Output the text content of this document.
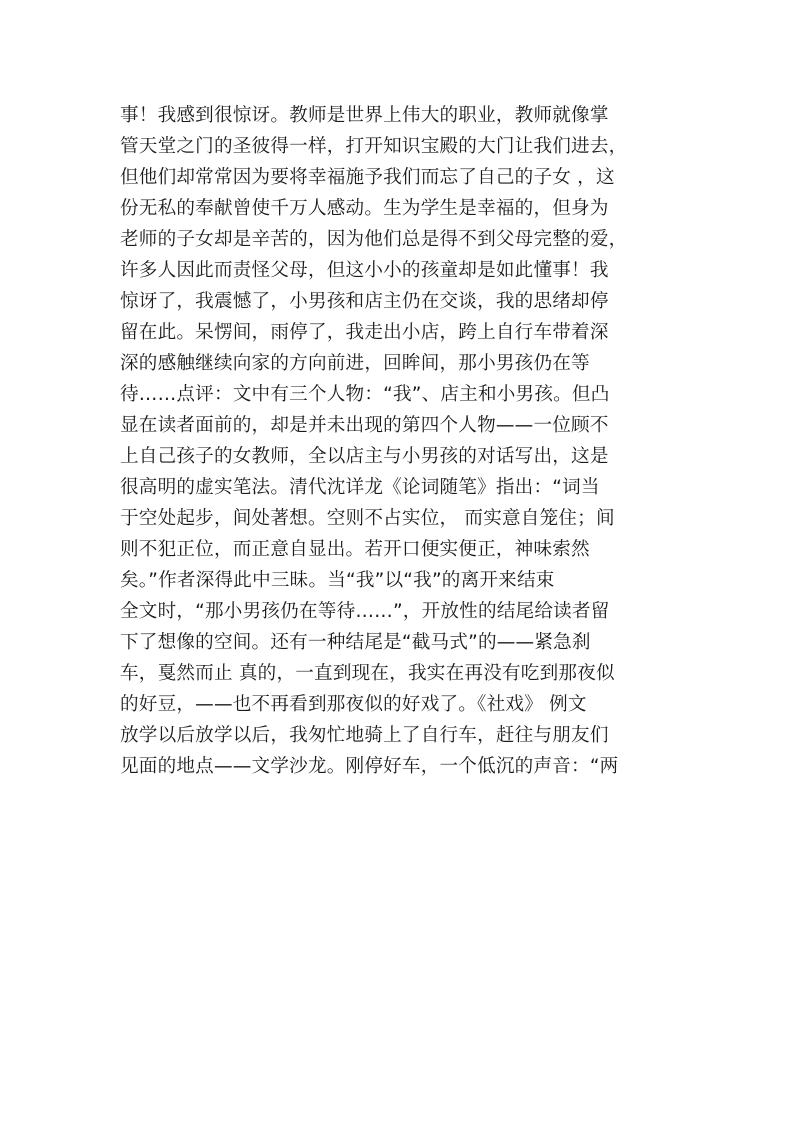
事！我感到很惊讶。教师是世界上伟大的职业，教师就像掌
管天堂之门的圣彼得一样，打开知识宝殿的大门让我们进去，
但他们却常常因为要将幸福施予我们而忘了自己的子女 ，这
份无私的奉献曾使千万人感动。生为学生是幸福的，但身为
老师的子女却是辛苦的，因为他们总是得不到父母完整的爱，
许多人因此而责怪父母，但这小小的孩童却是如此懂事！我
惊讶了，我震憾了，小男孩和店主仍在交谈，我的思绪却停
留在此。呆愣间，雨停了，我走出小店，跨上自行车带着深
深的感触继续向家的方向前进，回眸间，那小男孩仍在等
待……点评：文中有三个人物：“我”、店主和小男孩。但凸
显在读者面前的，却是并未出现的第四个人物——一位顾不
上自己孩子的女教师，全以店主与小男孩的对话写出，这是
很高明的虚实笔法。清代沈详龙《论词随笔》指出：“词当
于空处起步，间处著想。空则不占实位， 而实意自笼住；间
则不犯正位，而正意自显出。若开口便实便正，神味索然
矣。”作者深得此中三昧。当“我”以“我”的离开来结束
全文时，“那小男孩仍在等待……”，开放性的结尾给读者留
下了想像的空间。还有一种结尾是“截马式”的——紧急刹
车，戛然而止 真的，一直到现在，我实在再没有吃到那夜似
的好豆，——也不再看到那夜似的好戏了。《社戏》 例文
放学以后放学以后，我匆忙地骑上了自行车，赶往与朋友们
见面的地点——文学沙龙。刚停好车，一个低沉的声音：“两
